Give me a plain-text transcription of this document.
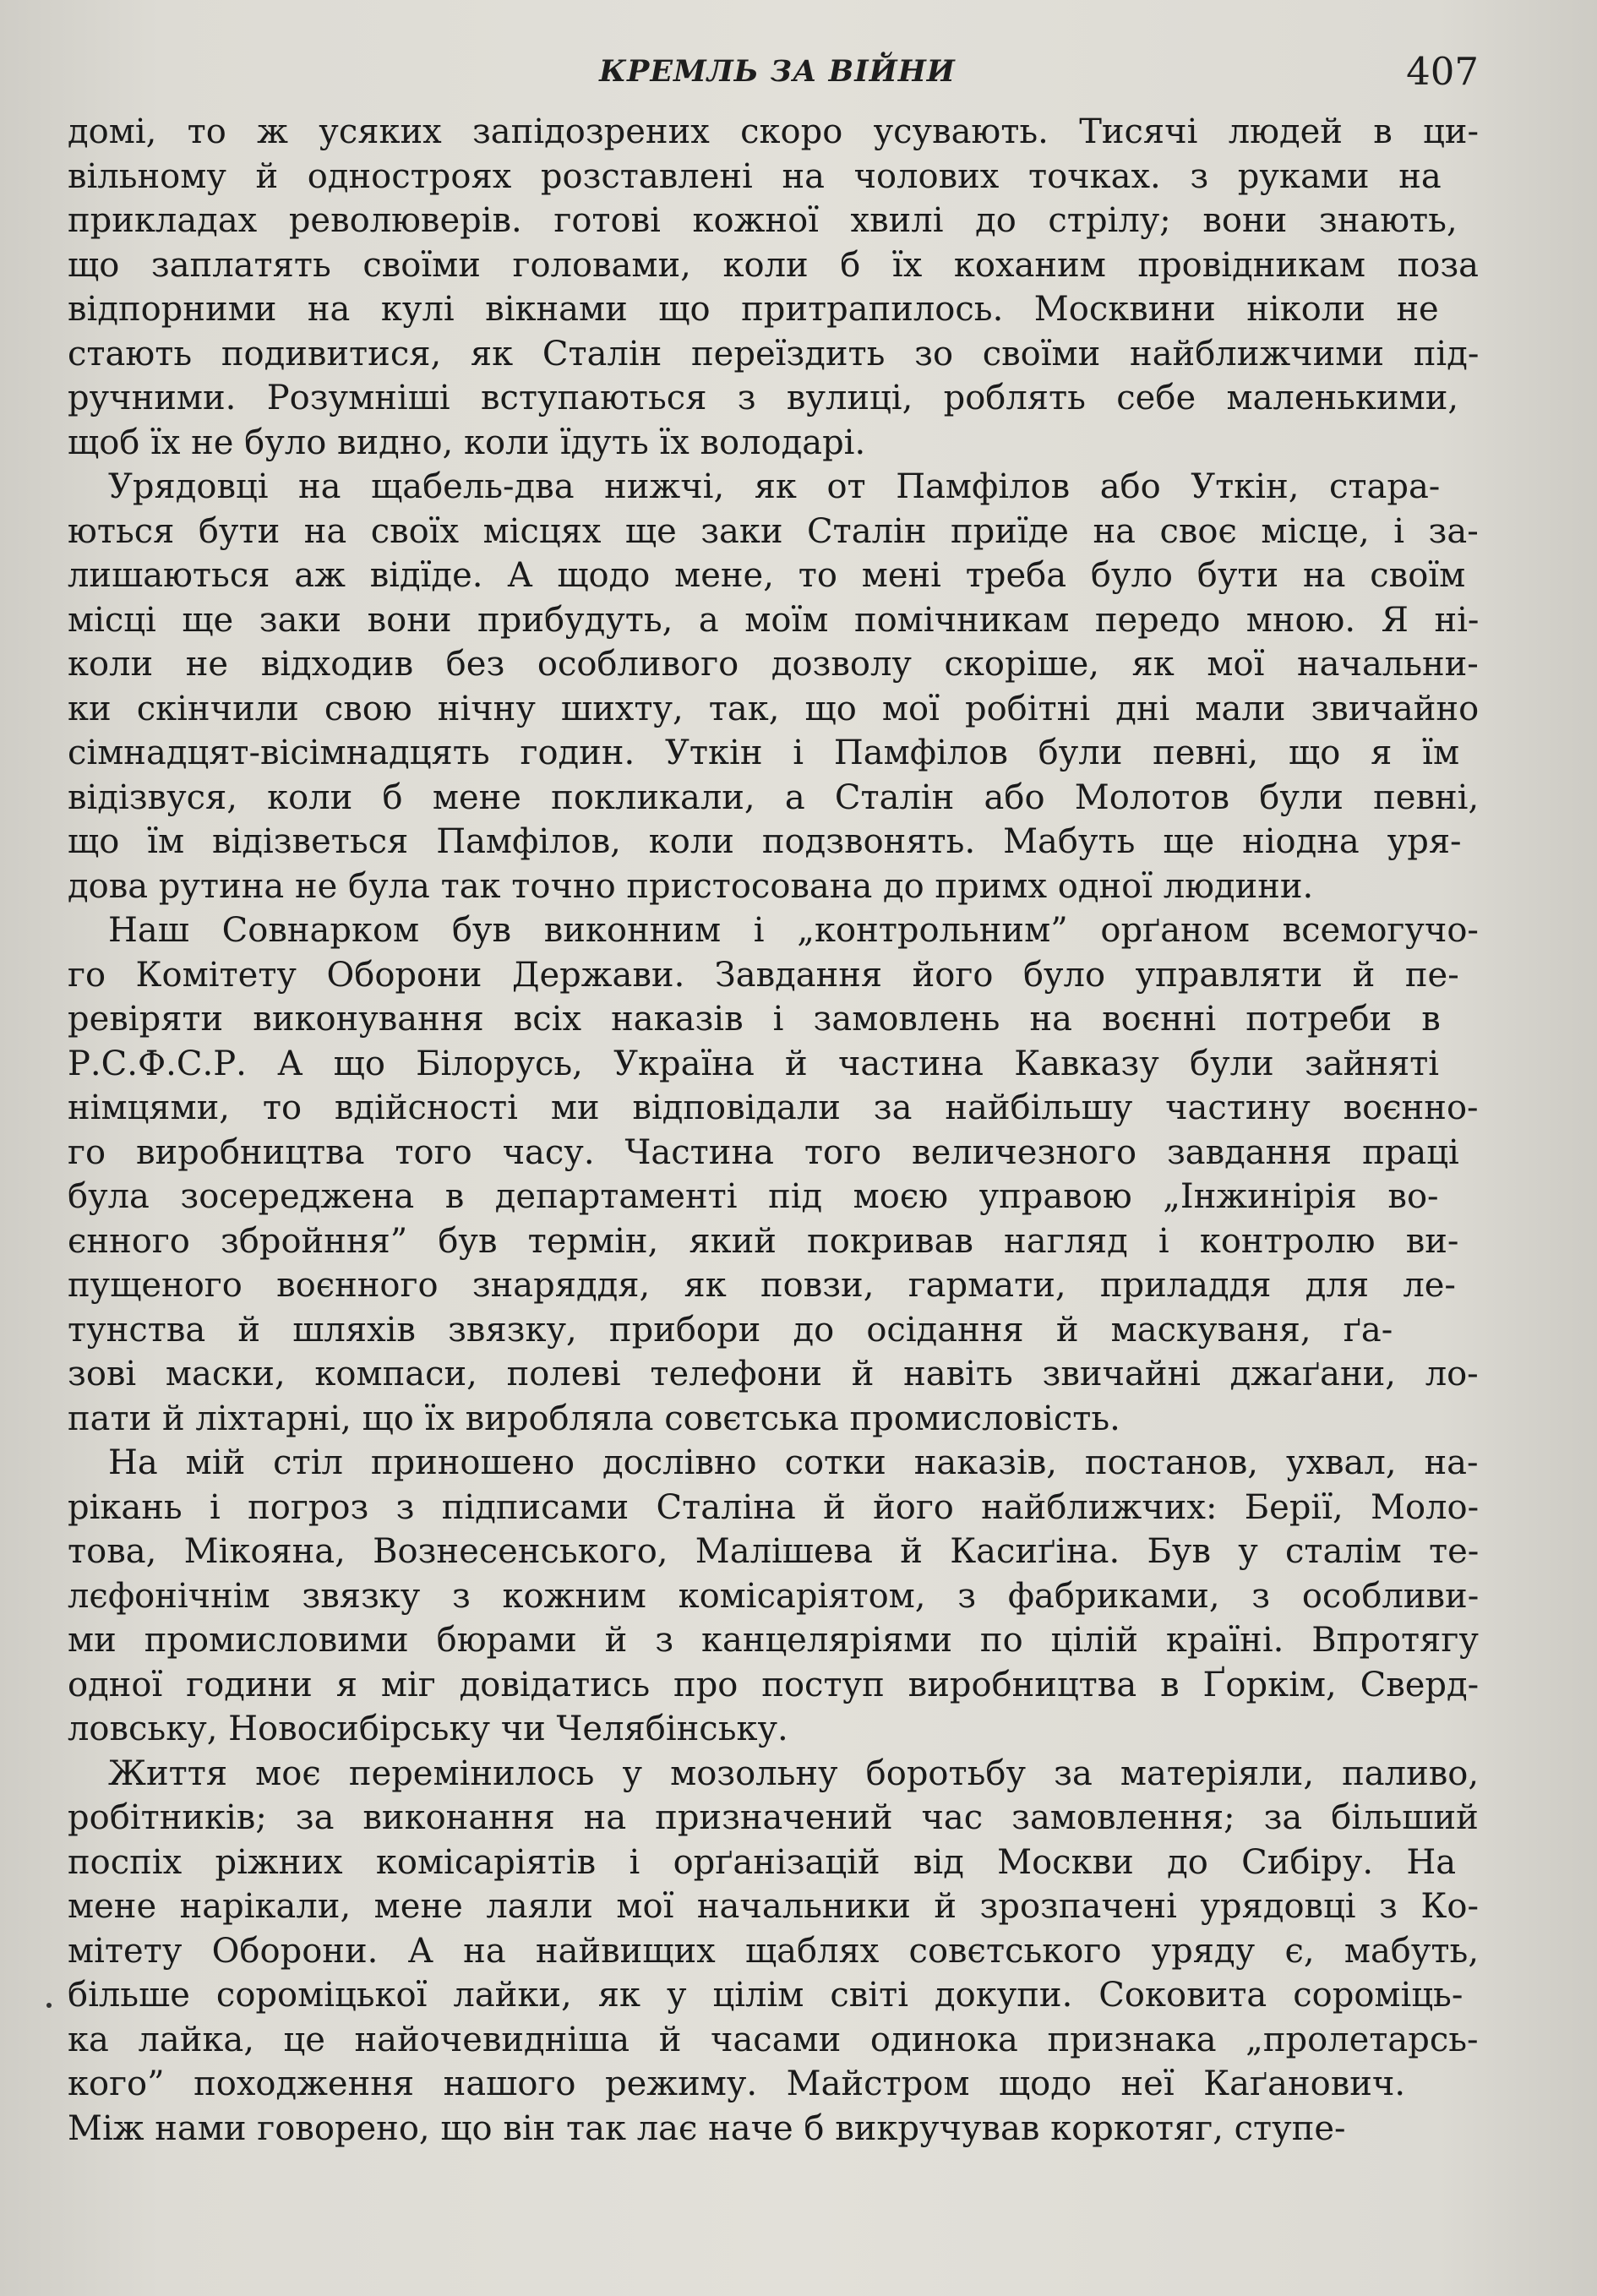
КРЕМЛЬ ЗА ВІЙНИ	407
домі, то ж усяких запідозрених скоро усувають. Тисячі людей в ци-
вільному й одностроях розставлені на чолових точках. з руками на
прикладах революверів. готові кожної хвилі до стрілу; вони знають,
що заплатять своїми головами, коли б їх коханим провідникам поза
відпорними на кулі вікнами що притрапилось. Москвини ніколи не
стають подивитися, як Сталін переїздить зо своїми найближчими під-
ручними. Розумніші вступаються з вулиці, роблять себе маленькими,
щоб їх не було видно, коли їдуть їх володарі.
Урядовці на щабель-два нижчі, як от Памфілов або Уткін, стара-
ються бути на своїх місцях ще заки Сталін приїде на своє місце, і за-
лишаються аж відїде. А щодо мене, то мені треба було бути на своїм
місці ще заки вони прибудуть, а моїм помічникам передо мною. Я ні-
коли не відходив без особливого дозволу скоріше, як мої начальни-
ки скінчили свою нічну шихту, так, що мої робітні дні мали звичайно
сімнадцят-вісімнадцять годин. Уткін і Памфілов були певні, що я їм
відізвуся, коли б мене покликали, а Сталін або Молотов були певні,
що їм відізветься Памфілов, коли подзвонять. Мабуть ще ніодна уря-
дова рутина не була так точно пристосована до примх одної людини.
Наш Совнарком був виконним і „контрольним” орґаном всемогучо-
го Комітету Оборони Держави. Завдання його було управляти й пе-
ревіряти виконування всіх наказів і замовлень на воєнні потреби в
Р.С.Ф.С.Р. А що Білорусь, Україна й частина Кавказу були зайняті
німцями, то вдійсності ми відповідали за найбільшу частину воєнно-
го виробництва того часу. Частина того величезного завдання праці
була зосереджена в департаменті під моєю управою „Інжинірія во-
єнного збройння” був термін, який покривав нагляд і контролю ви-
пущеного воєнного знаряддя, як повзи, гармати, приладдя для ле-
тунства й шляхів звязку, прибори до осідання й маскуваня, ґа-
зові маски, компаси, полеві телефони й навіть звичайні джаґани, ло-
пати й ліхтарні, що їх виробляла совєтська промисловість.
На мій стіл приношено дослівно сотки наказів, постанов, ухвал, на-
рікань і погроз з підписами Сталіна й його найближчих: Берії, Моло-
това, Мікояна, Вознесенського, Малішева й Касиґіна. Був у сталім те-
лєфонічнім звязку з кожним комісаріятом, з фабриками, з особливи-
ми промисловими бюрами й з канцеляріями по цілій країні. Впротягу
одної години я міг довідатись про поступ виробництва в Ґоркім, Сверд-
ловську, Новосибірську чи Челябінську.
Життя моє перемінилось у мозольну боротьбу за матеріяли, паливо,
робітників; за виконання на призначений час замовлення; за більший
поспіх ріжних комісаріятів і орґанізацій від Москви до Сибіру. На
мене нарікали, мене лаяли мої начальники й зрозпачені урядовці з Ко-
мітету Оборони. А на найвищих щаблях совєтського уряду є, мабуть,
більше сороміцької лайки, як у цілім світі докупи. Соковита сороміць-
ка лайка, це найочевидніша й часами одинока признака „пролетарсь-
кого” походження нашого режиму. Майстром щодо неї Каґанович.
Між нами говорено, що він так лає наче б викручував коркотяг, ступе-
